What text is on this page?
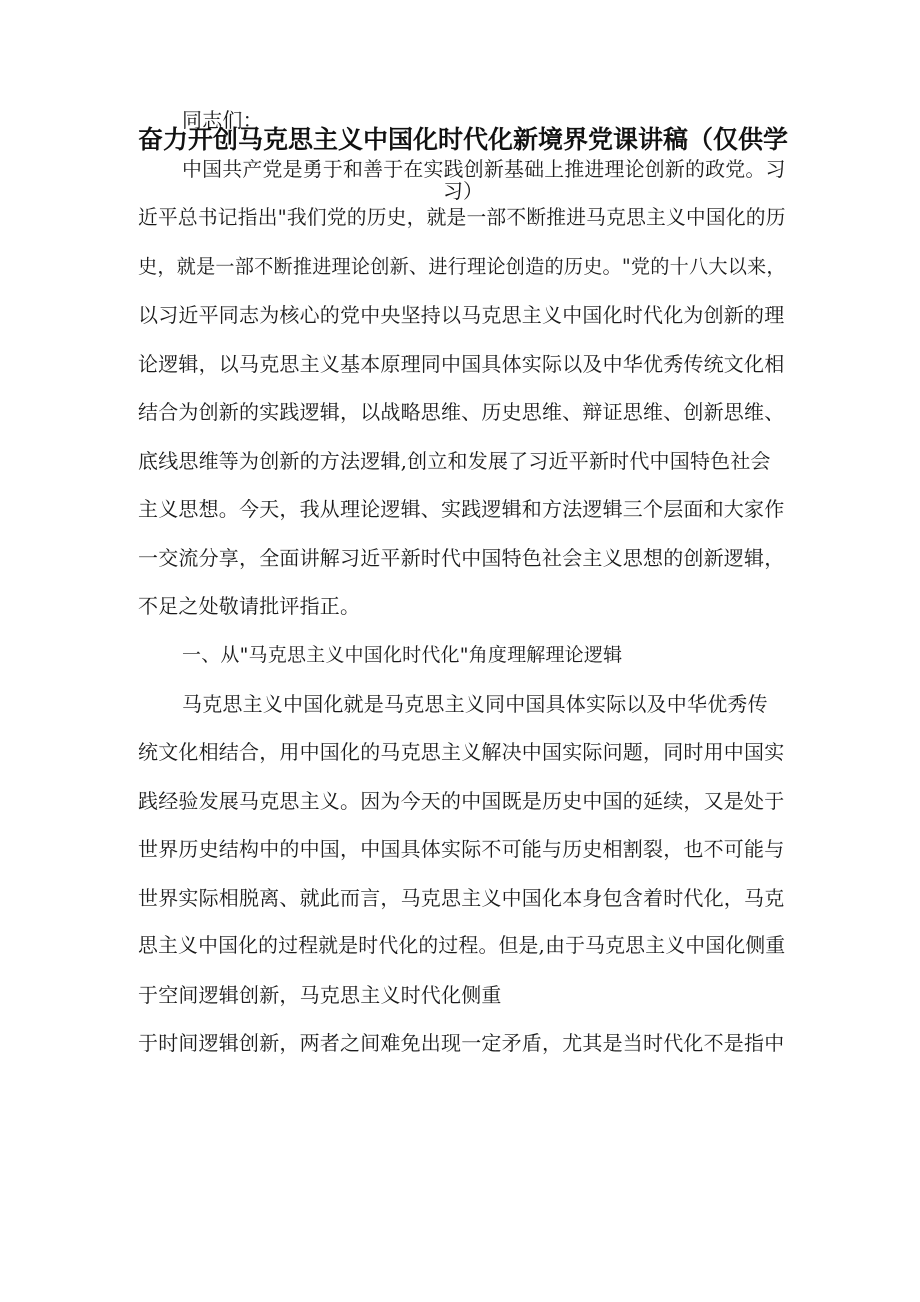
奋力开创马克思主义中国化时代化新境界党课讲稿（仅供学
习）
同志们：
中国共产党是勇于和善于在实践创新基础上推进理论创新的政党。习
近平总书记指出"我们党的历史，就是一部不断推进马克思主义中国化的历
史，就是一部不断推进理论创新、进行理论创造的历史。"党的十八大以来，
以习近平同志为核心的党中央坚持以马克思主义中国化时代化为创新的理
论逻辑，以马克思主义基本原理同中国具体实际以及中华优秀传统文化相
结合为创新的实践逻辑，以战略思维、历史思维、辩证思维、创新思维、
底线思维等为创新的方法逻辑,创立和发展了习近平新时代中国特色社会
主义思想。今天，我从理论逻辑、实践逻辑和方法逻辑三个层面和大家作
一交流分享，全面讲解习近平新时代中国特色社会主义思想的创新逻辑，
不足之处敬请批评指正。
一、从"马克思主义中国化时代化"角度理解理论逻辑
马克思主义中国化就是马克思主义同中国具体实际以及中华优秀传
统文化相结合，用中国化的马克思主义解决中国实际问题，同时用中国实
践经验发展马克思主义。因为今天的中国既是历史中国的延续，又是处于
世界历史结构中的中国，中国具体实际不可能与历史相割裂，也不可能与
世界实际相脱离、就此而言，马克思主义中国化本身包含着时代化，马克
思主义中国化的过程就是时代化的过程。但是,由于马克思主义中国化侧重
于空间逻辑创新，马克思主义时代化侧重
于时间逻辑创新，两者之间难免出现一定矛盾，尤其是当时代化不是指中
